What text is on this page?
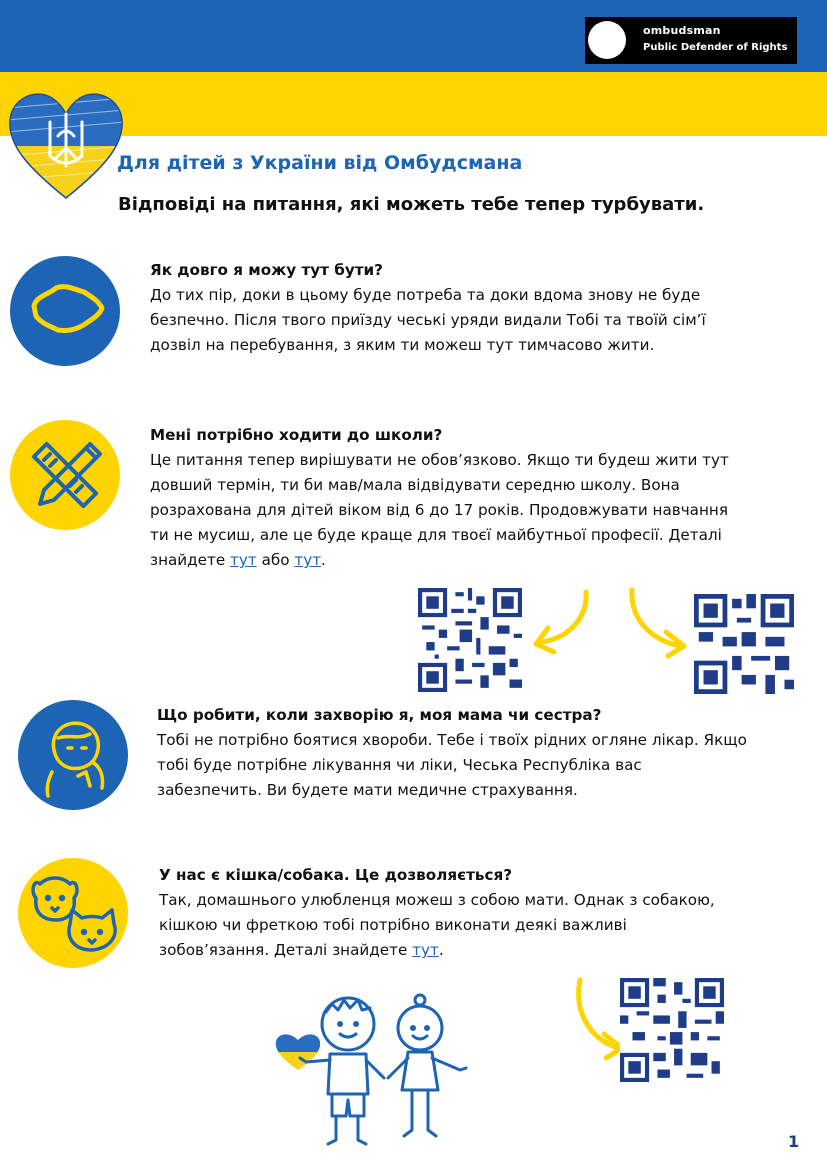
ombudsman
Public Defender of Rights
Для дітей з України від Омбудсмана
Відповіді на питання, які можеть тебе тепер турбувати.
Як довго я можу тут бути?
До тих пір, доки в цьому буде потреба та доки вдома знову не буде безпечно. Після твого приїзду чеські уряди видали Тобі та твоїй сім’ї дозвіл на перебування, з яким ти можеш тут тимчасово жити.
Мені потрібно ходити до школи?
Це питання тепер вирішувати не обов’язково. Якщо ти будеш жити тут довший термін, ти би мав/мала відвідувати середню школу. Вона розрахована для дітей віком від 6 до 17 років. Продовжувати навчання ти не мусиш, але це буде краще для твоєї майбутньої професії. Деталі знайдете тут або тут.
Що робити, коли захворію я, моя мама чи сестра?
Тобі не потрібно боятися хвороби. Тебе і твоїх рідних огляне лікар. Якщо тобі буде потрібне лікування чи ліки, Чеська Республіка вас забезпечить. Ви будете мати медичне страхування.
У нас є кішка/собака. Це дозволяється?
Так, домашнього улюбленця можеш з собою мати. Однак з собакою, кішкою чи фреткою тобі потрібно виконати деякі важливі зобов’язання. Деталі знайдете тут.
1
